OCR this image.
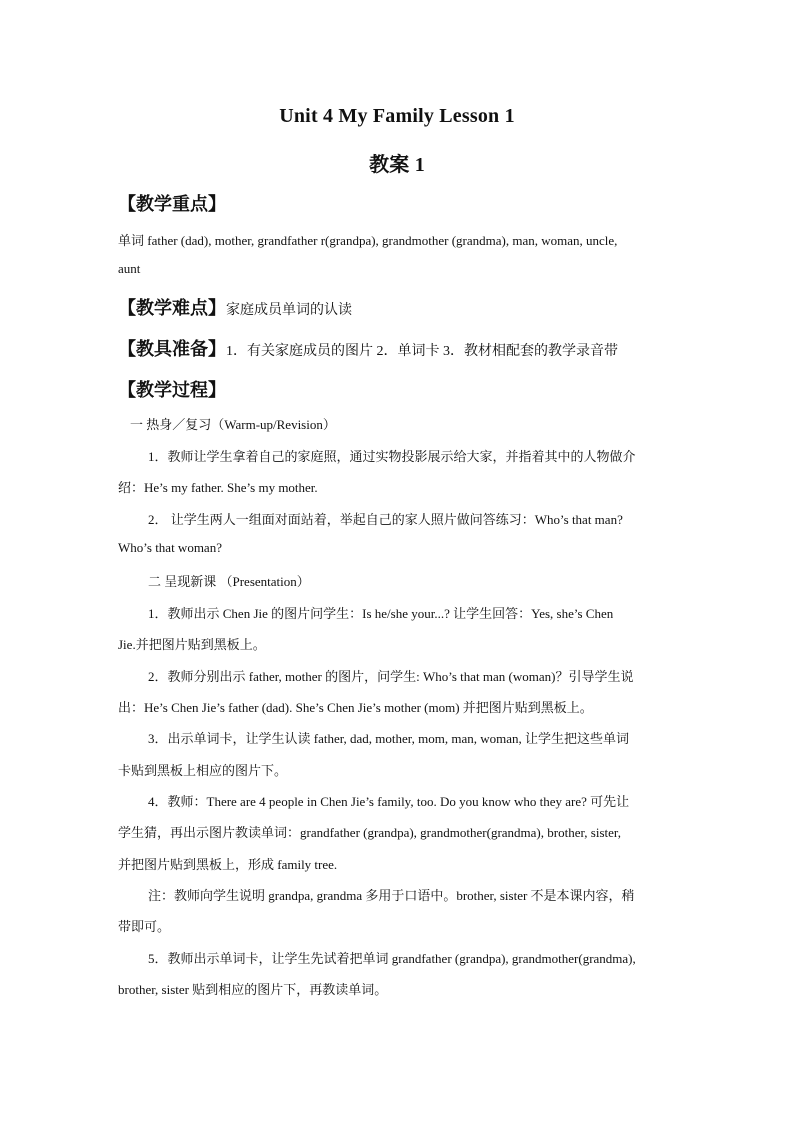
Unit 4 My Family Lesson 1
教案 1
【教学重点】
单词 father (dad), mother, grandfather r(grandpa), grandmother (grandma), man, woman, uncle,
aunt
【教学难点】家庭成员单词的认读
【教具准备】1．有关家庭成员的图片 2．单词卡 3．教材相配套的教学录音带
【教学过程】
一 热身／复习（Warm-up/Revision）
1．教师让学生拿着自己的家庭照，通过实物投影展示给大家，并指着其中的人物做介
绍：He’s my father. She’s my mother.
2． 让学生两人一组面对面站着，举起自己的家人照片做问答练习：Who’s that man?
Who’s that woman?
二 呈现新课 （Presentation）
1．教师出示 Chen Jie 的图片问学生：Is he/she your...? 让学生回答：Yes, she’s Chen
Jie.并把图片贴到黑板上。
2．教师分别出示 father, mother 的图片，问学生: Who’s that man (woman)？引导学生说
出：He’s Chen Jie’s father (dad). She’s Chen Jie’s mother (mom) 并把图片贴到黑板上。
3．出示单词卡，让学生认读 father, dad, mother, mom, man, woman, 让学生把这些单词
卡贴到黑板上相应的图片下。
4．教师：There are 4 people in Chen Jie’s family, too. Do you know who they are? 可先让
学生猜，再出示图片教读单词：grandfather (grandpa), grandmother(grandma), brother, sister,
并把图片贴到黑板上，形成 family tree.
注：教师向学生说明 grandpa, grandma 多用于口语中。brother, sister 不是本课内容，稍
带即可。
5．教师出示单词卡，让学生先试着把单词 grandfather (grandpa), grandmother(grandma),
brother, sister 贴到相应的图片下，再教读单词。
